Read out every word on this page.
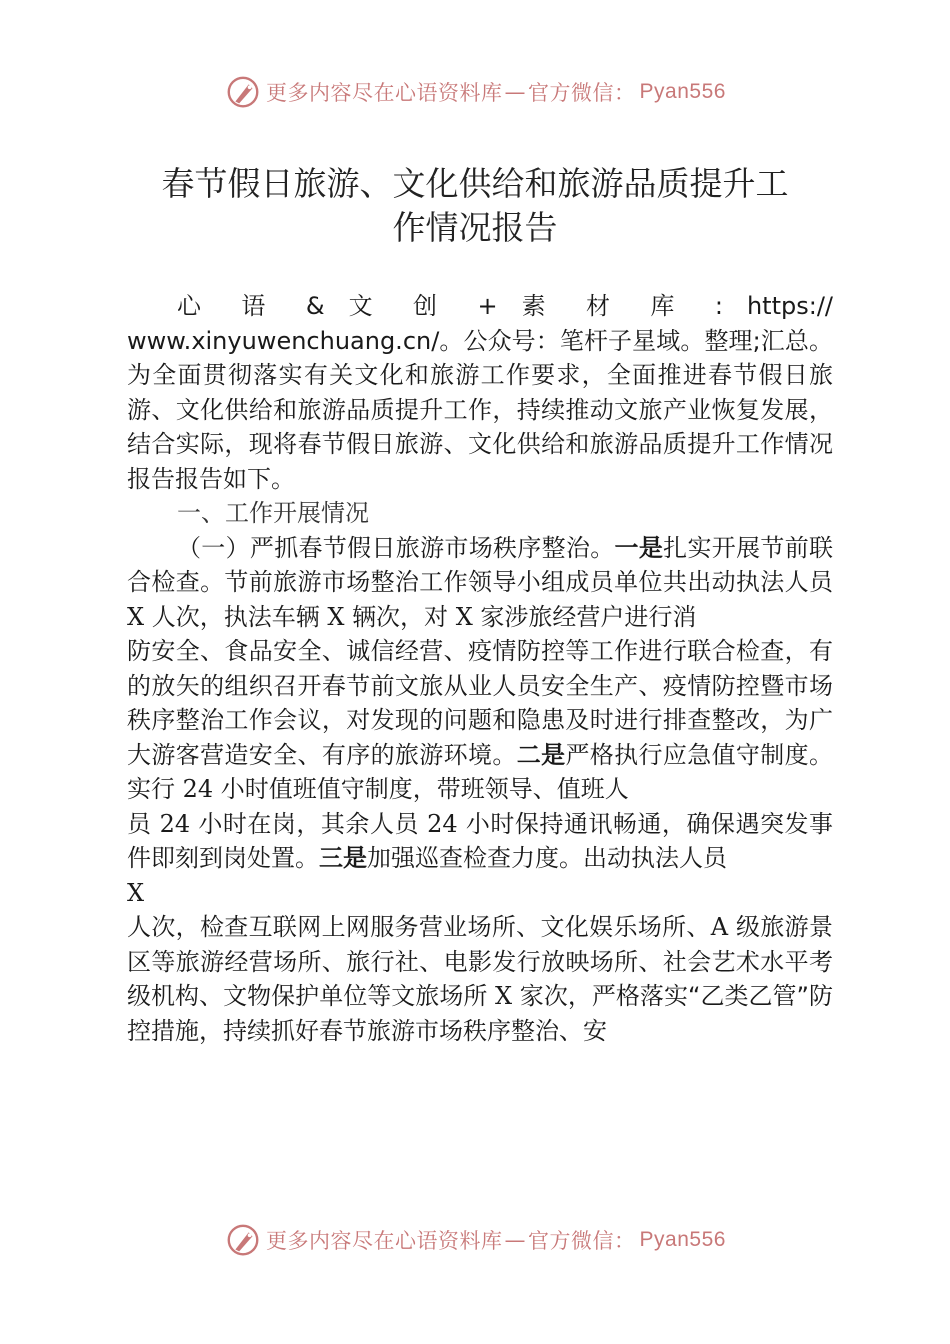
更多内容尽在心语资料库 — 官方微信： Pyan556
春节假日旅游、文化供给和旅游品质提升工
作情况报告

心 语 & 文 创 + 素 材 库 : https://

www.xinyuwenchuang.cn/。公众号：笔杆子星域。整理;汇总。为全面贯彻落实有关文化和旅游工作要求，全面推进春节假日旅游、文化供给和旅游品质提升工作，持续推动文旅产业恢复发展，结合实际，现将春节假日旅游、文化供给和旅游品质提升工作情况报告报告如下。

一、工作开展情况

（一）严抓春节假日旅游市场秩序整治。一是扎实开展节前联合检查。节前旅游市场整治工作领导小组成员单位共出动执法人员 X 人次，执法车辆 X 辆次，对 X 家涉旅经营户进行消

防安全、食品安全、诚信经营、疫情防控等工作进行联合检查，有的放矢的组织召开春节前文旅从业人员安全生产、疫情防控暨市场秩序整治工作会议，对发现的问题和隐患及时进行排查整改，为广大游客营造安全、有序的旅游环境。二是严格执行应急值守制度。实行 24 小时值班值守制度，带班领导、值班人

员 24 小时在岗，其余人员 24 小时保持通讯畅通，确保遇突发事件即刻到岗处置。三是加强巡查检查力度。出动执法人员
X

人次，检查互联网上网服务营业场所、文化娱乐场所、A 级旅游景区等旅游经营场所、旅行社、电影发行放映场所、社会艺术水平考级机构、文物保护单位等文旅场所 X 家次，严格落实“乙类乙管”防控措施，持续抓好春节旅游市场秩序整治、安

更多内容尽在心语资料库 — 官方微信： Pyan556
